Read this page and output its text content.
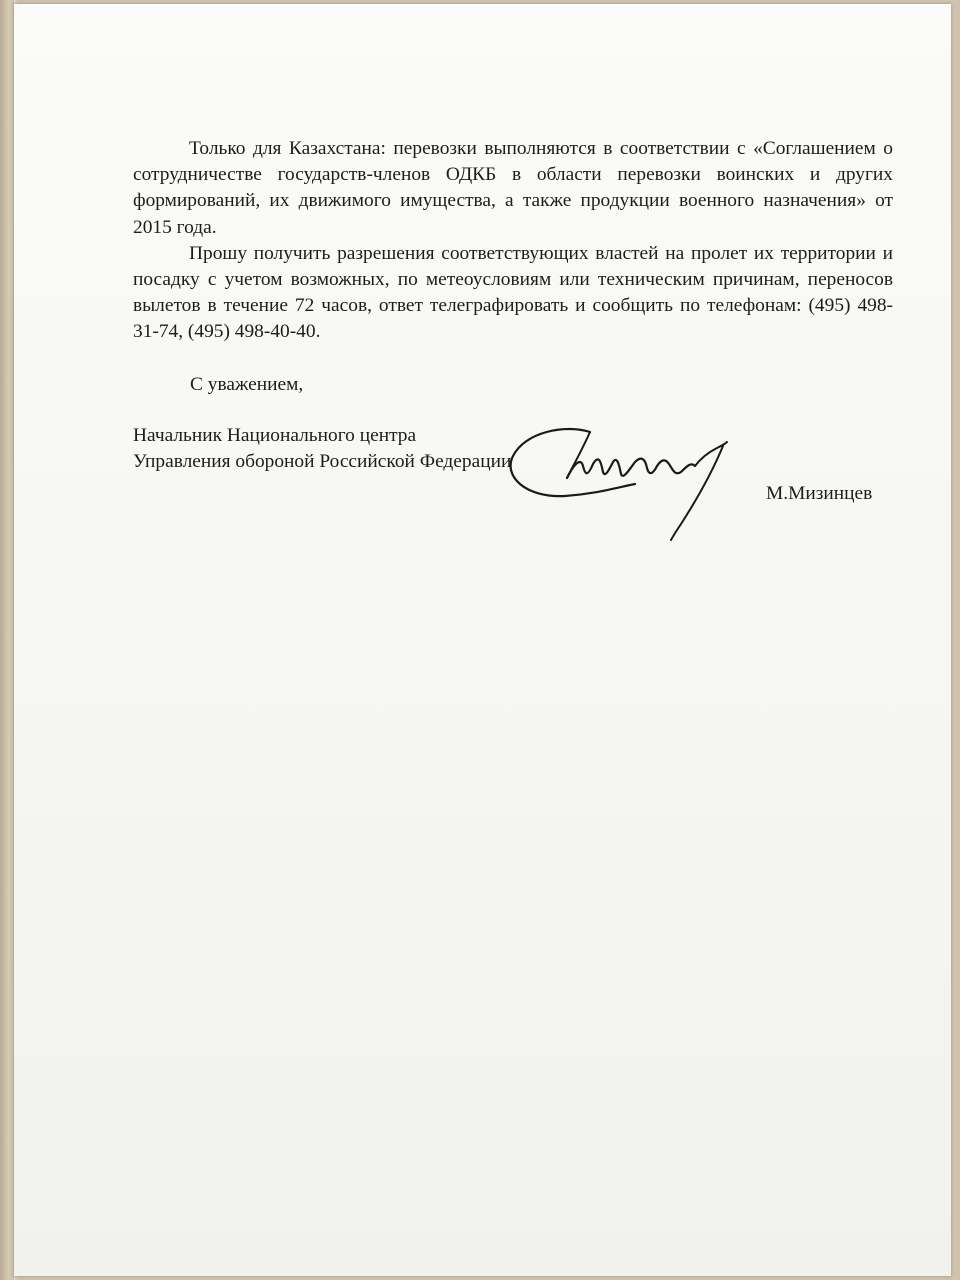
Только для Казахстана: перевозки выполняются в соответствии с «Соглашением о сотрудничестве государств-членов ОДКБ в области перевозки воинских и других формирований, их движимого имущества, а также продукции военного назначения» от 2015 года.

Прошу получить разрешения соответствующих властей на пролет их территории и посадку с учетом возможных, по метеоусловиям или техническим причинам, переносов вылетов в течение 72 часов, ответ телеграфировать и сообщить по телефонам: (495) 498-31-74, (495) 498-40-40.

С уважением,
Начальник Национального центра
Управления обороной Российской Федерации
М.Мизинцев
